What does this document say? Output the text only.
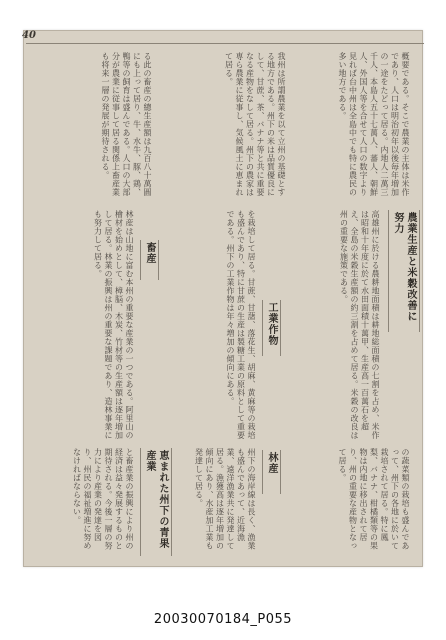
40
概要である。そこで農業の主体は米作であり、人口は明治初年以後毎年増加の一途をたどって居る。内地人二萬三千人、本島人五十七萬人、蕃人、朝鮮人、外国人等を合せて人口の数字より見れば台中州は全島中でも特に農民の多い地方である。
我州は所謂農業を以て立州の基礎とする地方である。州下の米は品質優良にして、甘蔗、茶、バナナ等と共に重要なる産物をなして居る。州下の農家は専ら農業に従事し、気候風土に恵まれて居る。
る此の畜産の總生産額は九百八十萬圓にも上って居り、牛、水牛、豚、鶏、鴨等の飼育は盛んである。人口の大部分が農業に従事して居る関係上畜産業も将来一層の発展が期待される。
農業生産と米穀改善に努力
高雄州に於ける農耕地面積は耕地総面積の七割を占め、米作は昭和十年度に於て水田面積十萬甲、生産高一百萬石を超え、全島の米穀生産額の約三割を占めて居る。米穀の改良は州の重要な施策である。
工業作物
を栽培して居る。甘蔗、甘藷、落花生、胡麻、黄麻等の栽培も盛んであり、特に甘蔗の生産は製糖工業の原料として重要である。州下の工業作物は年々増加の傾向にある。
畜産
林産は山地に富む本州の重要な産業の一つである。阿里山の檜材を始めとして、樟脳、木炭、竹材等の生産額は逐年増加して居る。林業の振興は州の重要な課題であり、造林事業にも努力して居る。
の蔬菜類の栽培も盛んであって、州下の各地に於いて栽培されて居る。特に鳳梨、バナナ、柑橘類等の果物は内地に移出されて居り、州の重要な産物となって居る。
林産
州下の海岸線は長く、漁業も盛んであって、近海漁業、遠洋漁業共に発達して居る。漁獲高は逐年増加の傾向にあり、水産加工業も発達して居る。
恵まれた州下の青果産業
と畜産業の振興により州の経済は益々発展するものと期待される。今後一層の努力により産業の発達を図り、州民の福祉増進に努めなければならない。
20030070184_P055
